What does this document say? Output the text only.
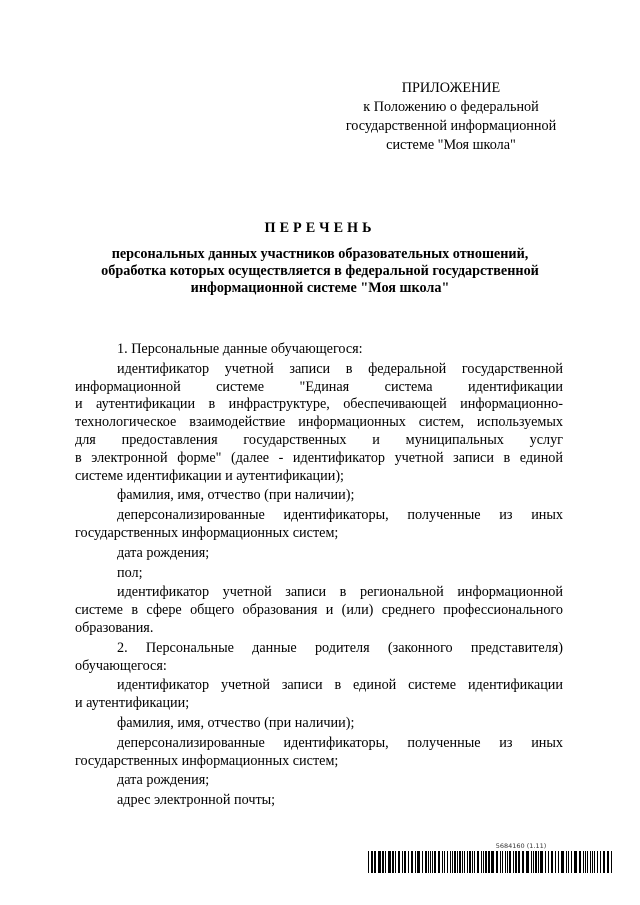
ПРИЛОЖЕНИЕ
к Положению о федеральной
государственной информационной
системе "Моя школа"
ПЕРЕЧЕНЬ
персональных данных участников образовательных отношений,
обработка которых осуществляется в федеральной государственной
информационной системе "Моя школа"
1. Персональные данные обучающегося:
идентификатор учетной записи в федеральной государственной
информационной системе "Единая система идентификации
и аутентификации в инфраструктуре, обеспечивающей информационно-
технологическое взаимодействие информационных систем, используемых
для предоставления государственных и муниципальных услуг
в электронной форме" (далее - идентификатор учетной записи в единой
системе идентификации и аутентификации);
фамилия, имя, отчество (при наличии);
деперсонализированные идентификаторы, полученные из иных
государственных информационных систем;
дата рождения;
пол;
идентификатор учетной записи в региональной информационной
системе в сфере общего образования и (или) среднего профессионального
образования.
2. Персональные данные родителя (законного представителя)
обучающегося:
идентификатор учетной записи в единой системе идентификации
и аутентификации;
фамилия, имя, отчество (при наличии);
деперсонализированные идентификаторы, полученные из иных
государственных информационных систем;
дата рождения;
адрес электронной почты;
5684160 (1.11)
